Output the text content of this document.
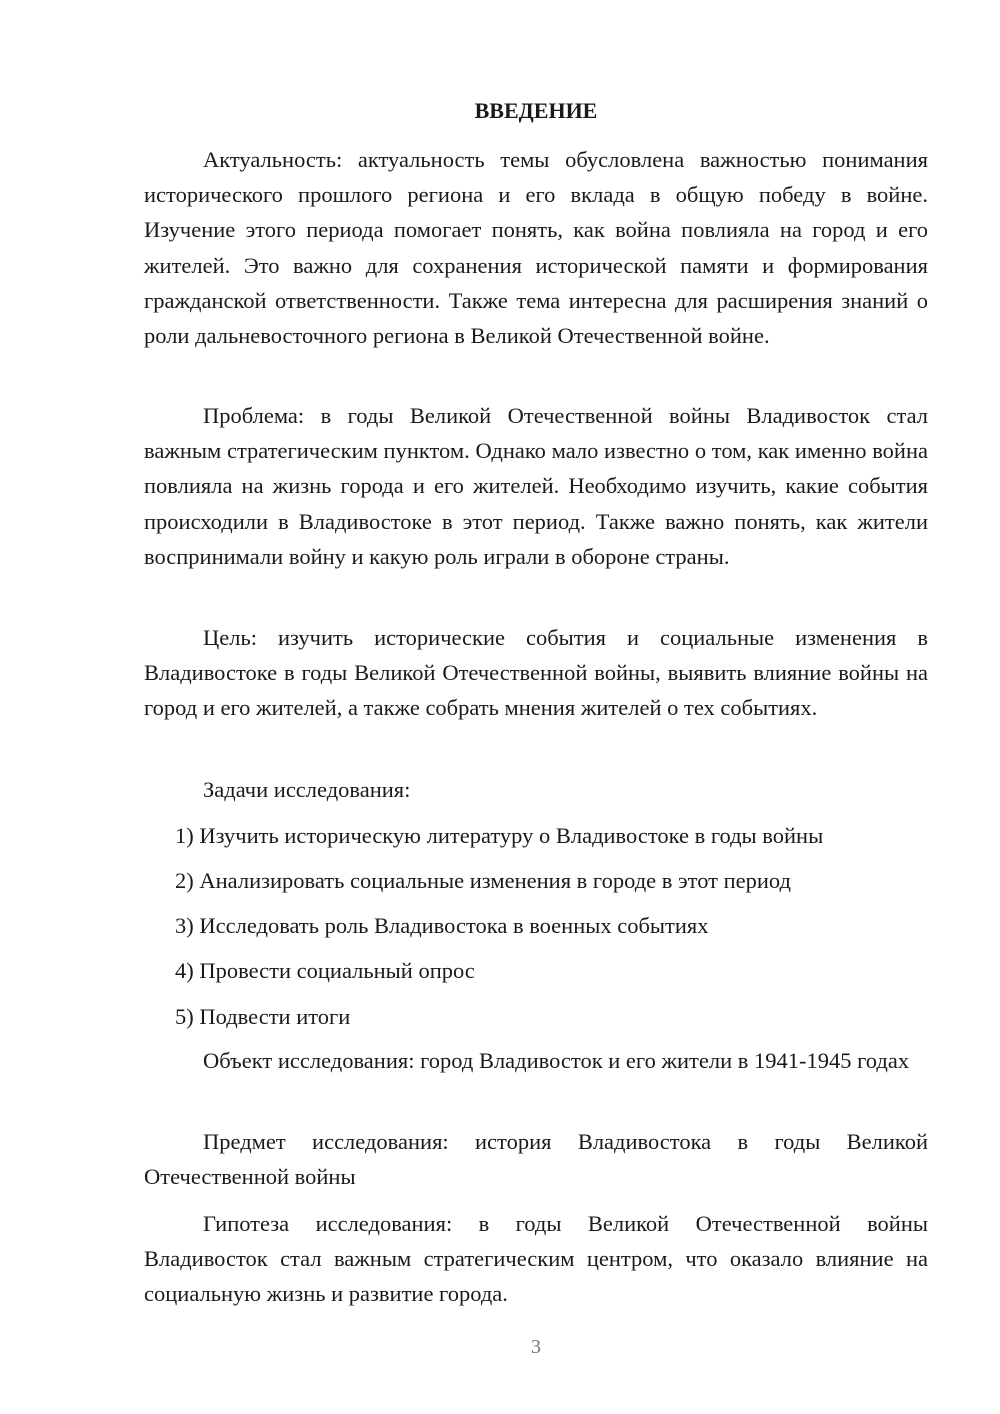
ВВЕДЕНИЕ

Актуальность: актуальность темы обусловлена важностью понимания исторического прошлого региона и его вклада в общую победу в войне. Изучение этого периода помогает понять, как война повлияла на город и его жителей. Это важно для сохранения исторической памяти и формирования гражданской ответственности. Также тема интересна для расширения знаний о роли дальневосточного региона в Великой Отечественной войне.

Проблема: в годы Великой Отечественной войны Владивосток стал важным стратегическим пунктом. Однако мало известно о том, как именно война повлияла на жизнь города и его жителей. Необходимо изучить, какие события происходили в Владивостоке в этот период. Также важно понять, как жители воспринимали войну и какую роль играли в обороне страны.

Цель: изучить исторические события и социальные изменения в Владивостоке в годы Великой Отечественной войны, выявить влияние войны на город и его жителей, а также собрать мнения жителей о тех событиях.

Задачи исследования:

1) Изучить историческую литературу о Владивостоке в годы войны

2) Анализировать социальные изменения в городе в этот период

3) Исследовать роль Владивостока в военных событиях

4) Провести социальный опрос

5) Подвести итоги

Объект исследования: город Владивосток и его жители в 1941-1945 годах

Предмет исследования: история Владивостока в годы Великой Отечественной войны

Гипотеза исследования: в годы Великой Отечественной войны Владивосток стал важным стратегическим центром, что оказало влияние на социальную жизнь и развитие города.

3
